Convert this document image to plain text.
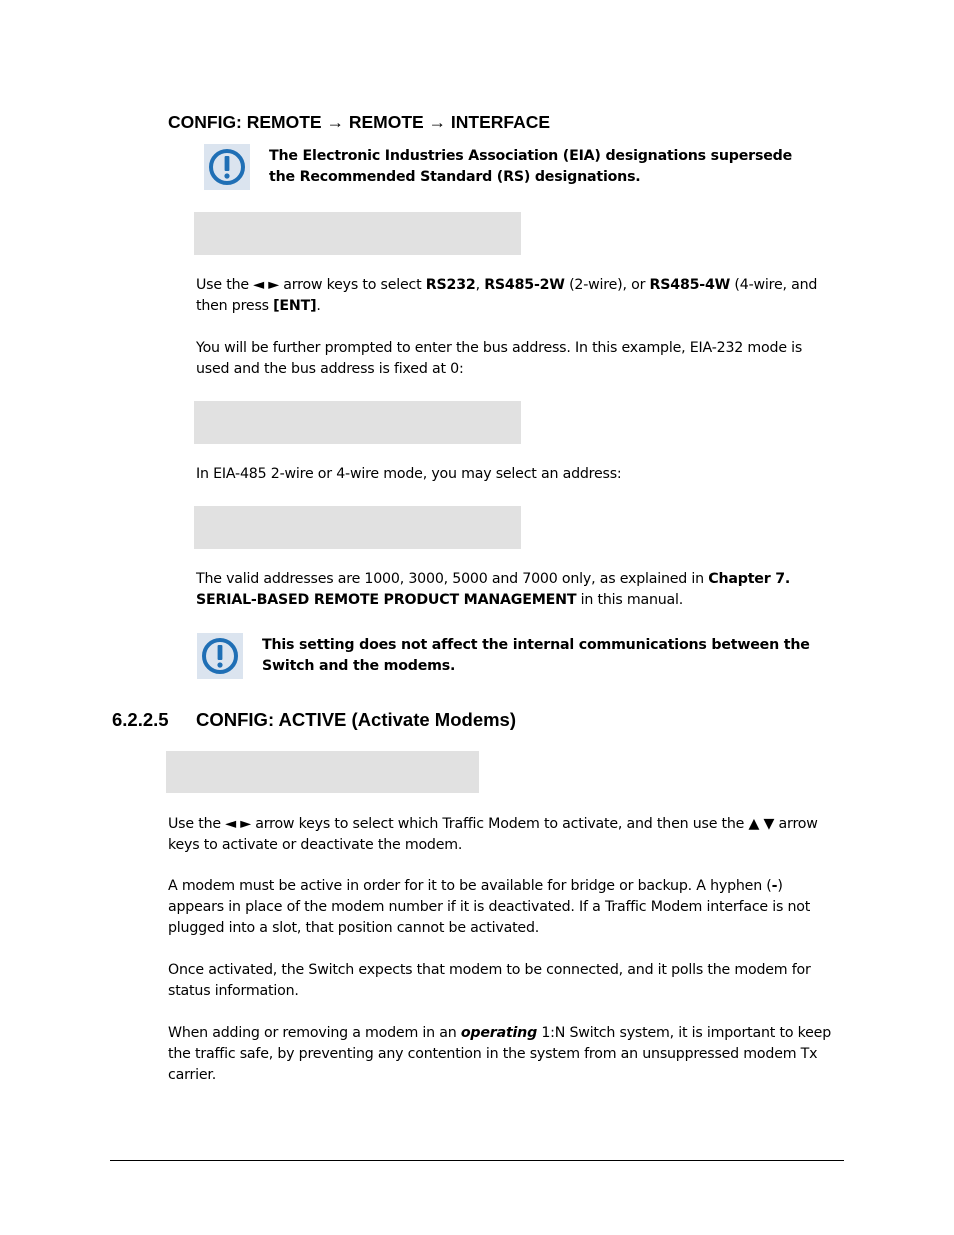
CONFIG: REMOTE → REMOTE → INTERFACE
The Electronic Industries Association (EIA) designations supersede the Recommended Standard (RS) designations.
Use the ◄ ► arrow keys to select RS232, RS485-2W (2-wire), or RS485-4W (4-wire, and then press [ENT].
You will be further prompted to enter the bus address. In this example, EIA-232 mode is used and the bus address is fixed at 0:
In EIA-485 2-wire or 4-wire mode, you may select an address:
The valid addresses are 1000, 3000, 5000 and 7000 only, as explained in Chapter 7. SERIAL-BASED REMOTE PRODUCT MANAGEMENT in this manual.
This setting does not affect the internal communications between the Switch and the modems.
6.2.2.5 CONFIG: ACTIVE (Activate Modems)
Use the ◄ ► arrow keys to select which Traffic Modem to activate, and then use the ▲ ▼ arrow keys to activate or deactivate the modem.
A modem must be active in order for it to be available for bridge or backup. A hyphen (-) appears in place of the modem number if it is deactivated. If a Traffic Modem interface is not plugged into a slot, that position cannot be activated.
Once activated, the Switch expects that modem to be connected, and it polls the modem for status information.
When adding or removing a modem in an operating 1:N Switch system, it is important to keep the traffic safe, by preventing any contention in the system from an unsuppressed modem Tx carrier.
